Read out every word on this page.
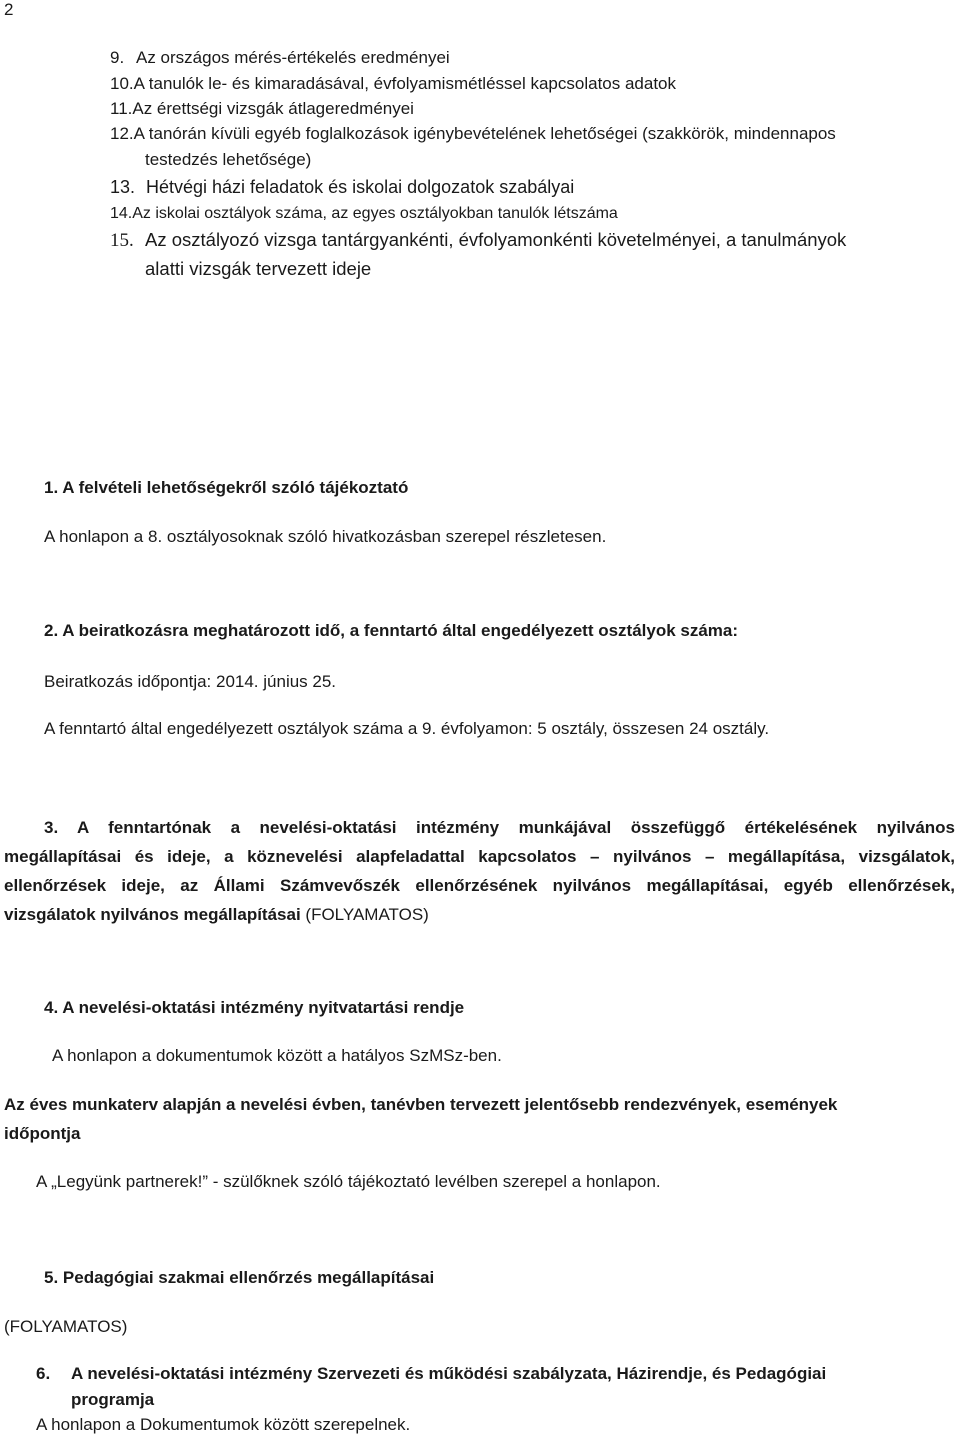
2
9. Az országos mérés-értékelés eredményei
10.A tanulók le- és kimaradásával, évfolyamismétléssel kapcsolatos adatok
11.Az érettségi vizsgák átlageredményei
12.A tanórán kívüli egyéb foglalkozások igénybevételének lehetőségei (szakkörök, mindennapos
testedzés lehetősége)
13. Hétvégi házi feladatok és iskolai dolgozatok szabályai
14.Az iskolai osztályok száma, az egyes osztályokban tanulók létszáma
15. Az osztályozó vizsga tantárgyankénti, évfolyamonkénti követelményei, a tanulmányok
alatti vizsgák tervezett ideje
1. A felvételi lehetőségekről szóló tájékoztató
A honlapon a 8. osztályosoknak szóló hivatkozásban szerepel részletesen.
2. A beiratkozásra meghatározott idő, a fenntartó által engedélyezett osztályok száma:
Beiratkozás időpontja: 2014. június 25.
A fenntartó által engedélyezett osztályok száma a 9. évfolyamon: 5 osztály, összesen 24 osztály.
3. A fenntartónak a nevelési-oktatási intézmény munkájával összefüggő értékelésének nyilvános
megállapításai és ideje, a köznevelési alapfeladattal kapcsolatos – nyilvános – megállapítása, vizsgálatok,
ellenőrzések ideje, az Állami Számvevőszék ellenőrzésének nyilvános megállapításai, egyéb ellenőrzések,
vizsgálatok nyilvános megállapításai (FOLYAMATOS)
4. A nevelési-oktatási intézmény nyitvatartási rendje
A honlapon a dokumentumok között a hatályos SzMSz-ben.
Az éves munkaterv alapján a nevelési évben, tanévben tervezett jelentősebb rendezvények, események
időpontja
A „Legyünk partnerek!” - szülőknek szóló tájékoztató levélben szerepel a honlapon.
5. Pedagógiai szakmai ellenőrzés megállapításai
(FOLYAMATOS)
6. A nevelési-oktatási intézmény Szervezeti és működési szabályzata, Házirendje, és Pedagógiai
programja
A honlapon a Dokumentumok között szerepelnek.
